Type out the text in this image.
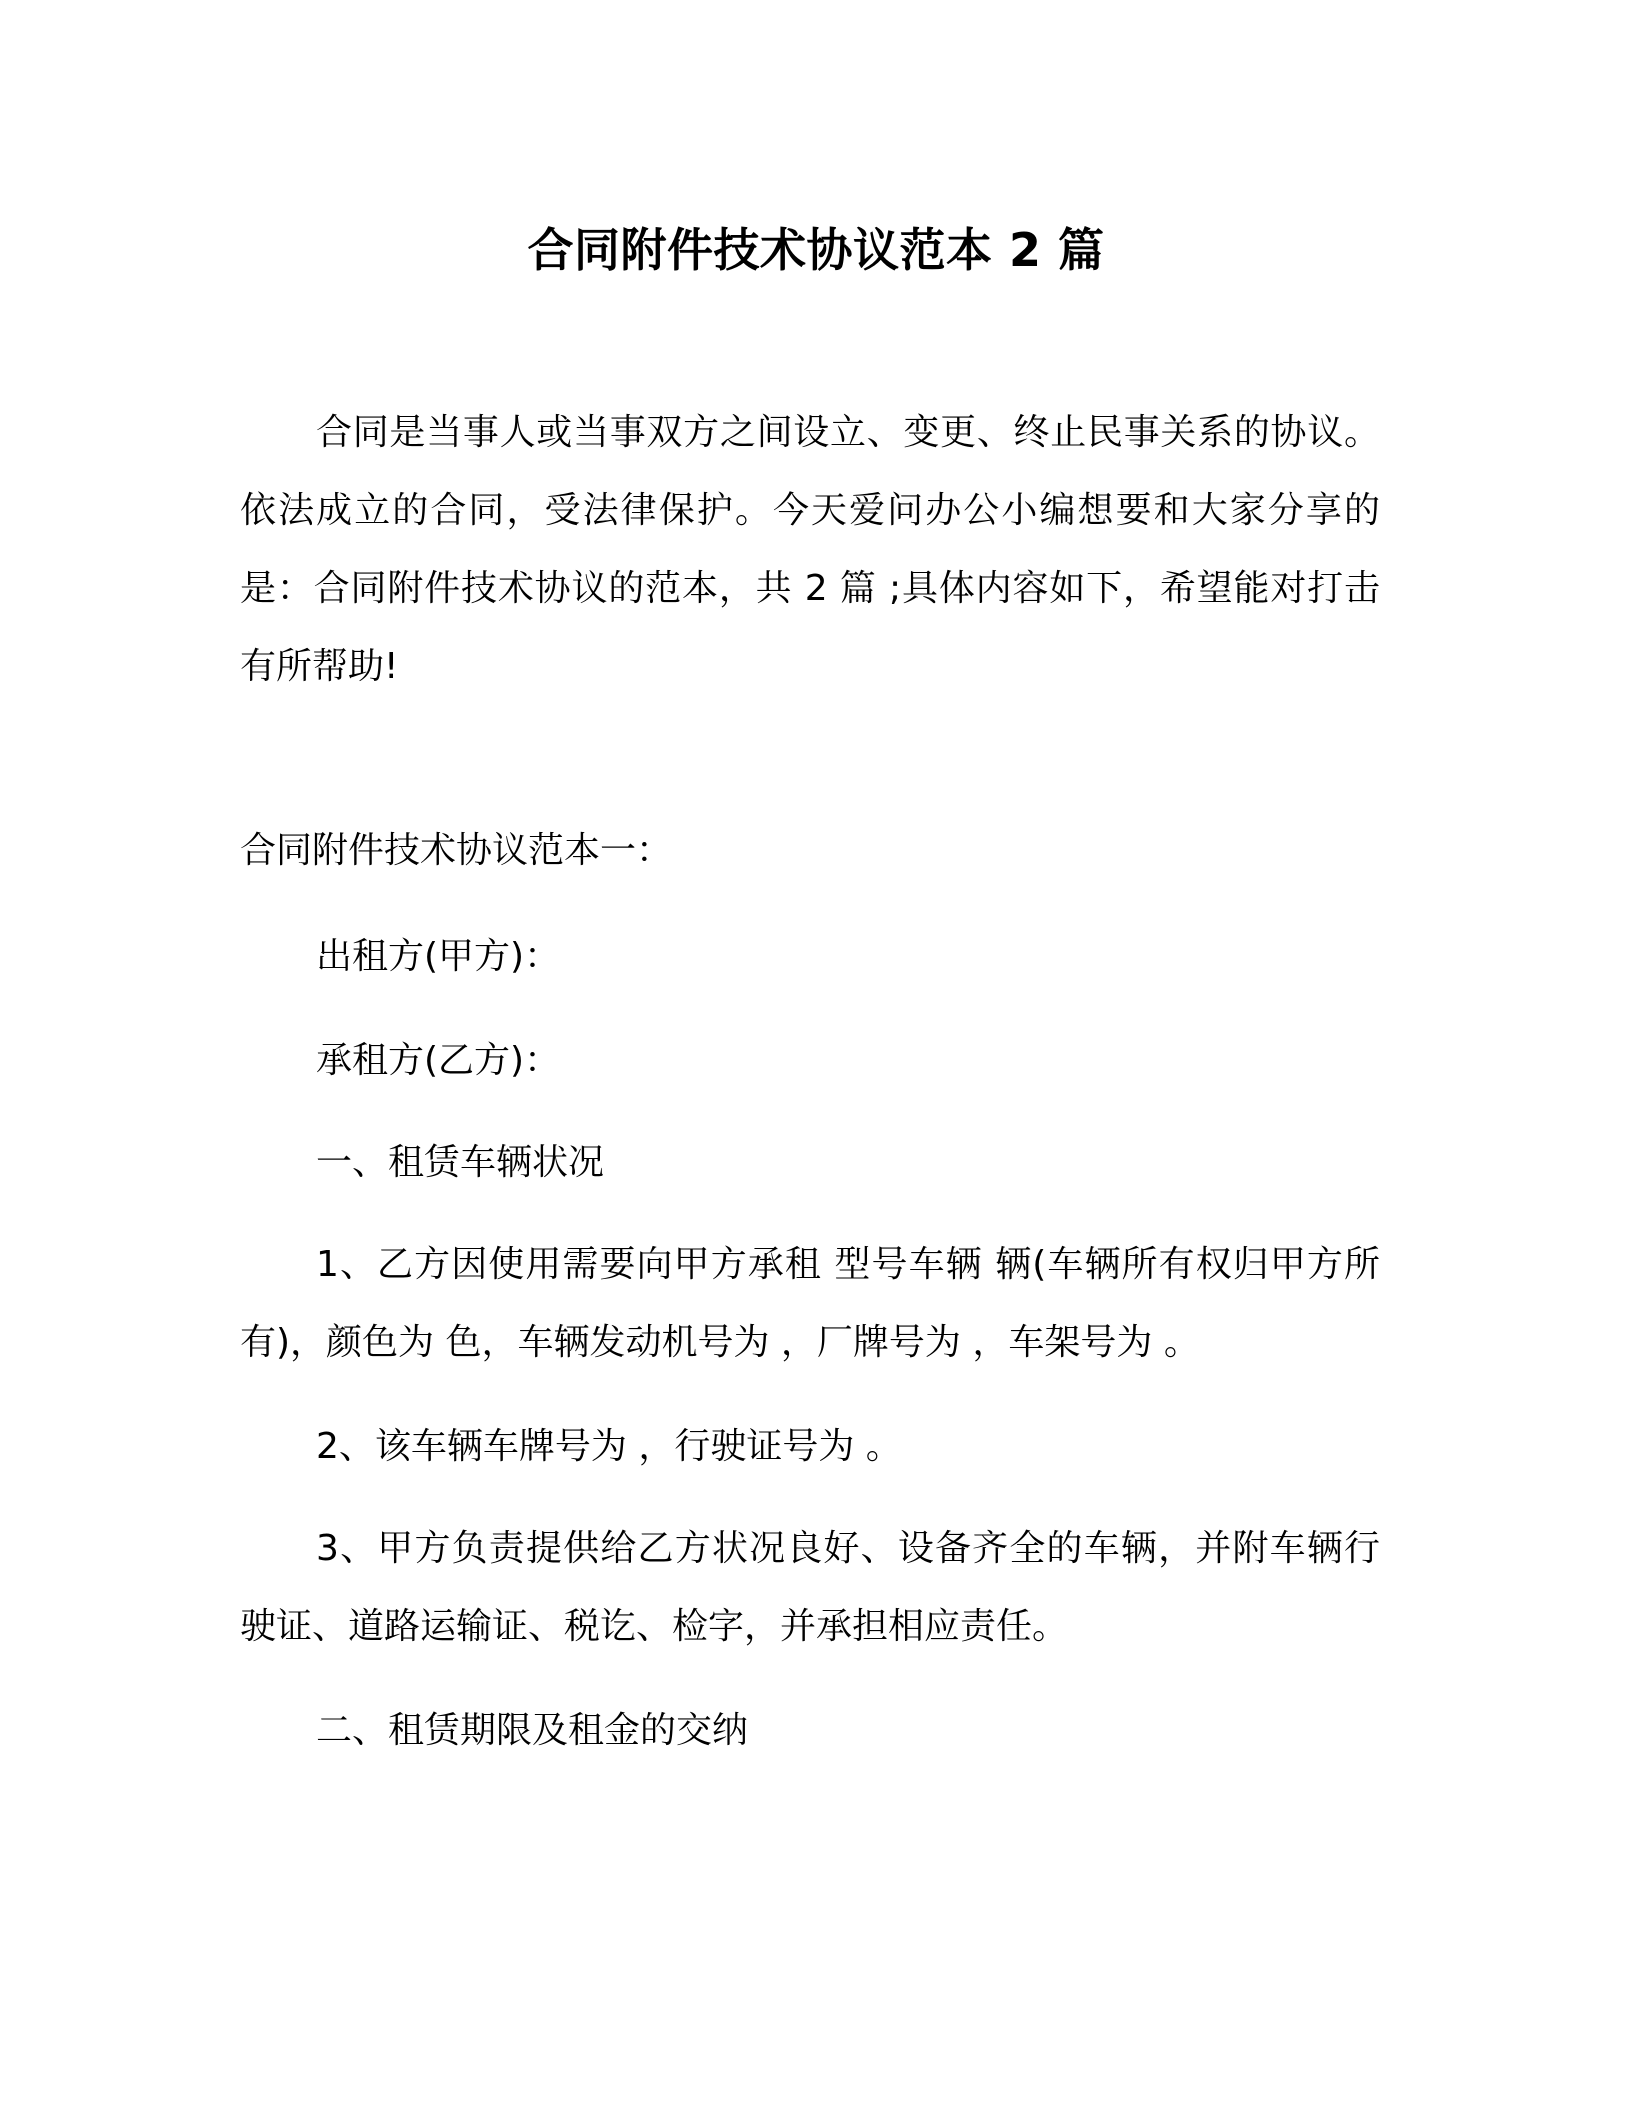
合同附件技术协议范本 2 篇

合同是当事人或当事双方之间设立、变更、终止民事关系的协议。依法成立的合同，受法律保护。今天爱问办公小编想要和大家分享的是：合同附件技术协议的范本，共 2 篇 ;具体内容如下，希望能对打击有所帮助!

合同附件技术协议范本一：

出租方(甲方)：

承租方(乙方)：

一、租赁车辆状况

1、乙方因使用需要向甲方承租 型号车辆 辆(车辆所有权归甲方所有)，颜色为 色，车辆发动机号为 ，厂牌号为 ，车架号为 。

2、该车辆车牌号为 ，行驶证号为 。

3、甲方负责提供给乙方状况良好、设备齐全的车辆，并附车辆行驶证、道路运输证、税讫、检字，并承担相应责任。

二、租赁期限及租金的交纳
